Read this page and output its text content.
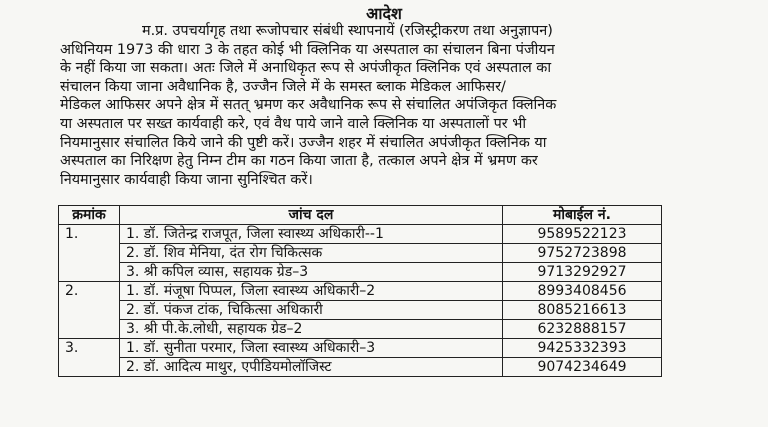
आदेश
म.प्र. उपचर्यागृह तथा रूजोपचार संबंधी स्थापनायें (रजिस्ट्रीकरण तथा अनुज्ञापन)
अधिनियम 1973 की धारा 3 के तहत कोई भी क्लिनिक या अस्पताल का संचालन बिना पंजीयन
के नहीं किया जा सकता। अतः जिले में अनाधिकृत रूप से अपंजीकृत क्लिनिक एवं अस्पताल का
संचालन किया जाना अवैधानिक है, उज्जैन जिले में के समस्त ब्लाक मेडिकल आफिसर/
मेडिकल आफिसर अपने क्षेत्र में सतत् भ्रमण कर अवैधानिक रूप से संचालित अपंजिकृत क्लिनिक
या अस्पताल पर सख्त कार्यवाही करे, एवं वैध पाये जाने वाले क्लिनिक या अस्पतालों पर भी
नियमानुसार संचालित किये जाने की पुष्टी करें। उज्जैन शहर में संचालित अपंजीकृत क्लिनिक या
अस्पताल का निरिक्षण हेतु निम्न टीम का गठन किया जाता है, तत्काल अपने क्षेत्र में भ्रमण कर
नियमानुसार कार्यवाही किया जाना सुनिश्चित करें।
क्रमांक	जांच दल	मोबाईल नं.
1.	1. डॉ. जितेन्द्र राजपूत, जिला स्वास्थ्य अधिकारी--1	9589522123
	2. डॉ. शिव मेनिया, दंत रोग चिकित्सक	9752723898
	3. श्री कपिल व्यास, सहायक ग्रेड–3	9713292927
2.	1. डॉ. मंजूषा पिप्पल, जिला स्वास्थ्य अधिकारी–2	8993408456
	2. डॉ. पंकज टांक, चिकित्सा अधिकारी	8085216613
	3. श्री पी.के.लोधी, सहायक ग्रेड–2	6232888157
3.	1. डॉ. सुनीता परमार, जिला स्वास्थ्य अधिकारी–3	9425332393
	2. डॉ. आदित्य माथुर, एपीडियमोलॉजिस्ट	9074234649
